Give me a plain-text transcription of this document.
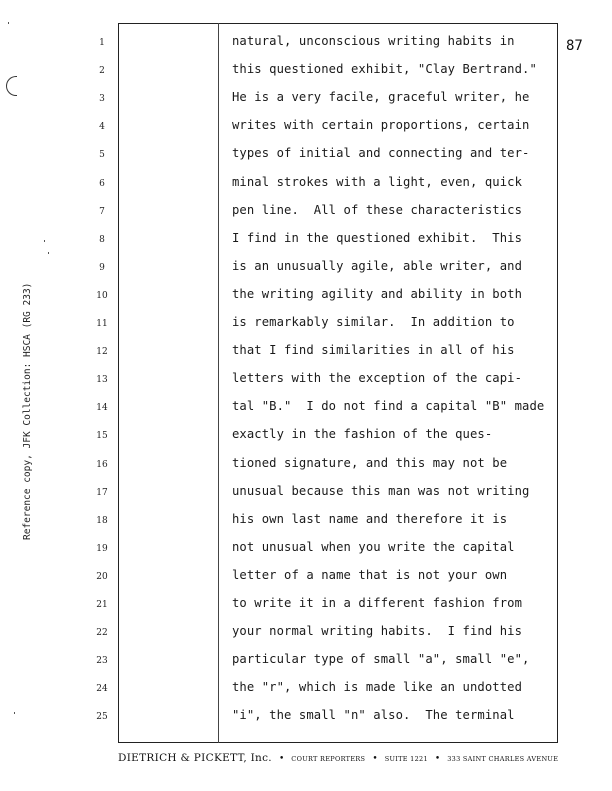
Reference copy, JFK Collection: HSCA (RG 233)
87
1
2
3
4
5
6
7
8
9
10
11
12
13
14
15
16
17
18
19
20
21
22
23
24
25
natural, unconscious writing habits in
this questioned exhibit, "Clay Bertrand."
He is a very facile, graceful writer, he
writes with certain proportions, certain
types of initial and connecting and ter-
minal strokes with a light, even, quick
pen line.  All of these characteristics
I find in the questioned exhibit.  This
is an unusually agile, able writer, and
the writing agility and ability in both
is remarkably similar.  In addition to
that I find similarities in all of his
letters with the exception of the capi-
tal "B."  I do not find a capital "B" made
exactly in the fashion of the ques-
tioned signature, and this may not be
unusual because this man was not writing
his own last name and therefore it is
not unusual when you write the capital
letter of a name that is not your own
to write it in a different fashion from
your normal writing habits.  I find his
particular type of small "a", small "e",
the "r", which is made like an undotted
"i", the small "n" also.  The terminal
DIETRICH & PICKETT, Inc. • COURT REPORTERS • SUITE 1221 • 333 SAINT CHARLES AVENUE
